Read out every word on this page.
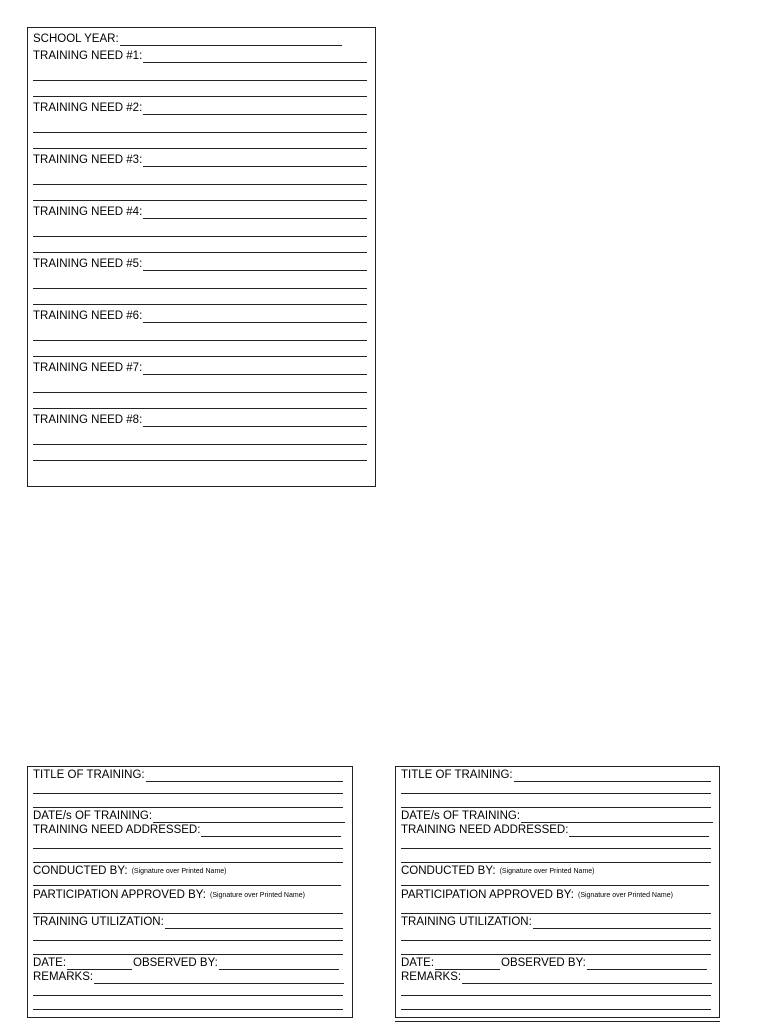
SCHOOL YEAR:
TRAINING NEED #1:
TRAINING NEED #2:
TRAINING NEED #3:
TRAINING NEED #4:
TRAINING NEED #5:
TRAINING NEED #6:
TRAINING NEED #7:
TRAINING NEED #8:
TITLE OF TRAINING:
DATE/s OF TRAINING:
TRAINING NEED ADDRESSED:
CONDUCTED BY: (Signature over Printed Name)
PARTICIPATION APPROVED BY: (Signature over Printed Name)
TRAINING UTILIZATION:
DATE:	OBSERVED BY:
REMARKS:
TITLE OF TRAINING:
DATE/s OF TRAINING:
TRAINING NEED ADDRESSED:
CONDUCTED BY: (Signature over Printed Name)
PARTICIPATION APPROVED BY: (Signature over Printed Name)
TRAINING UTILIZATION:
DATE:	OBSERVED BY:
REMARKS:
